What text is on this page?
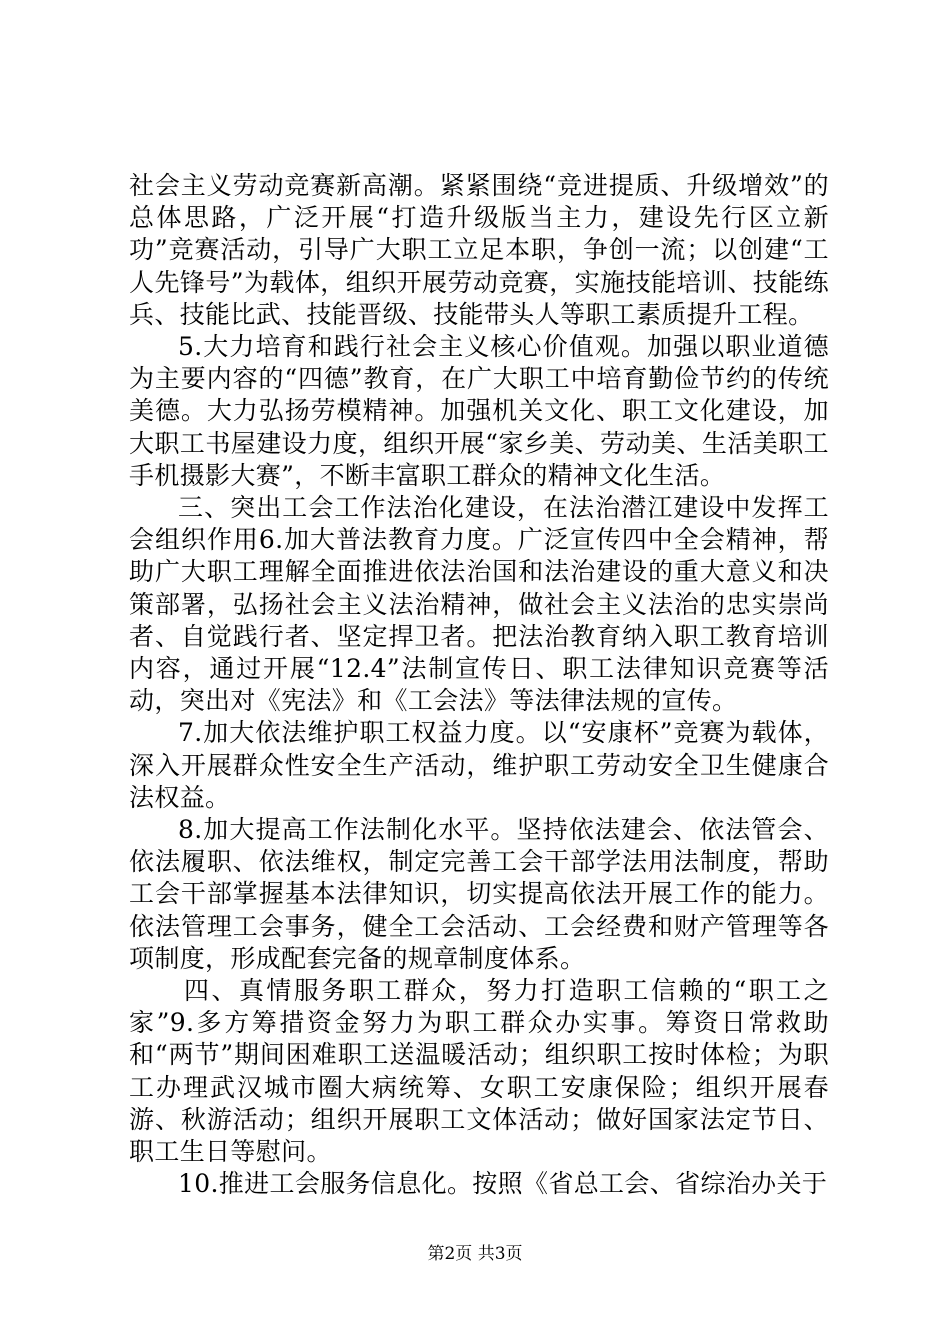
社会主义劳动竞赛新高潮。紧紧围绕“竞进提质、升级增效”的总体思路，广泛开展“打造升级版当主力，建设先行区立新功”竞赛活动，引导广大职工立足本职，争创一流；以创建“工人先锋号”为载体，组织开展劳动竞赛，实施技能培训、技能练兵、技能比武、技能晋级、技能带头人等职工素质提升工程。

5.大力培育和践行社会主义核心价值观。加强以职业道德为主要内容的“四德”教育，在广大职工中培育勤俭节约的传统美德。大力弘扬劳模精神。加强机关文化、职工文化建设，加大职工书屋建设力度，组织开展“家乡美、劳动美、生活美职工手机摄影大赛”，不断丰富职工群众的精神文化生活。

三、突出工会工作法治化建设，在法治潜江建设中发挥工会组织作用6.加大普法教育力度。广泛宣传四中全会精神，帮助广大职工理解全面推进依法治国和法治建设的重大意义和决策部署，弘扬社会主义法治精神，做社会主义法治的忠实崇尚者、自觉践行者、坚定捍卫者。把法治教育纳入职工教育培训内容，通过开展“12.4”法制宣传日、职工法律知识竞赛等活动，突出对《宪法》和《工会法》等法律法规的宣传。

7.加大依法维护职工权益力度。以“安康杯”竞赛为载体，深入开展群众性安全生产活动，维护职工劳动安全卫生健康合法权益。

8.加大提高工作法制化水平。坚持依法建会、依法管会、依法履职、依法维权，制定完善工会干部学法用法制度，帮助工会干部掌握基本法律知识，切实提高依法开展工作的能力。依法管理工会事务，健全工会活动、工会经费和财产管理等各项制度，形成配套完备的规章制度体系。

四、真情服务职工群众，努力打造职工信赖的“职工之家”9.多方筹措资金努力为职工群众办实事。筹资日常救助和“两节”期间困难职工送温暖活动；组织职工按时体检；为职工办理武汉城市圈大病统筹、女职工安康保险；组织开展春游、秋游活动；组织开展职工文体活动；做好国家法定节日、职工生日等慰问。

10.推进工会服务信息化。按照《省总工会、省综治办关于

第2页 共3页
